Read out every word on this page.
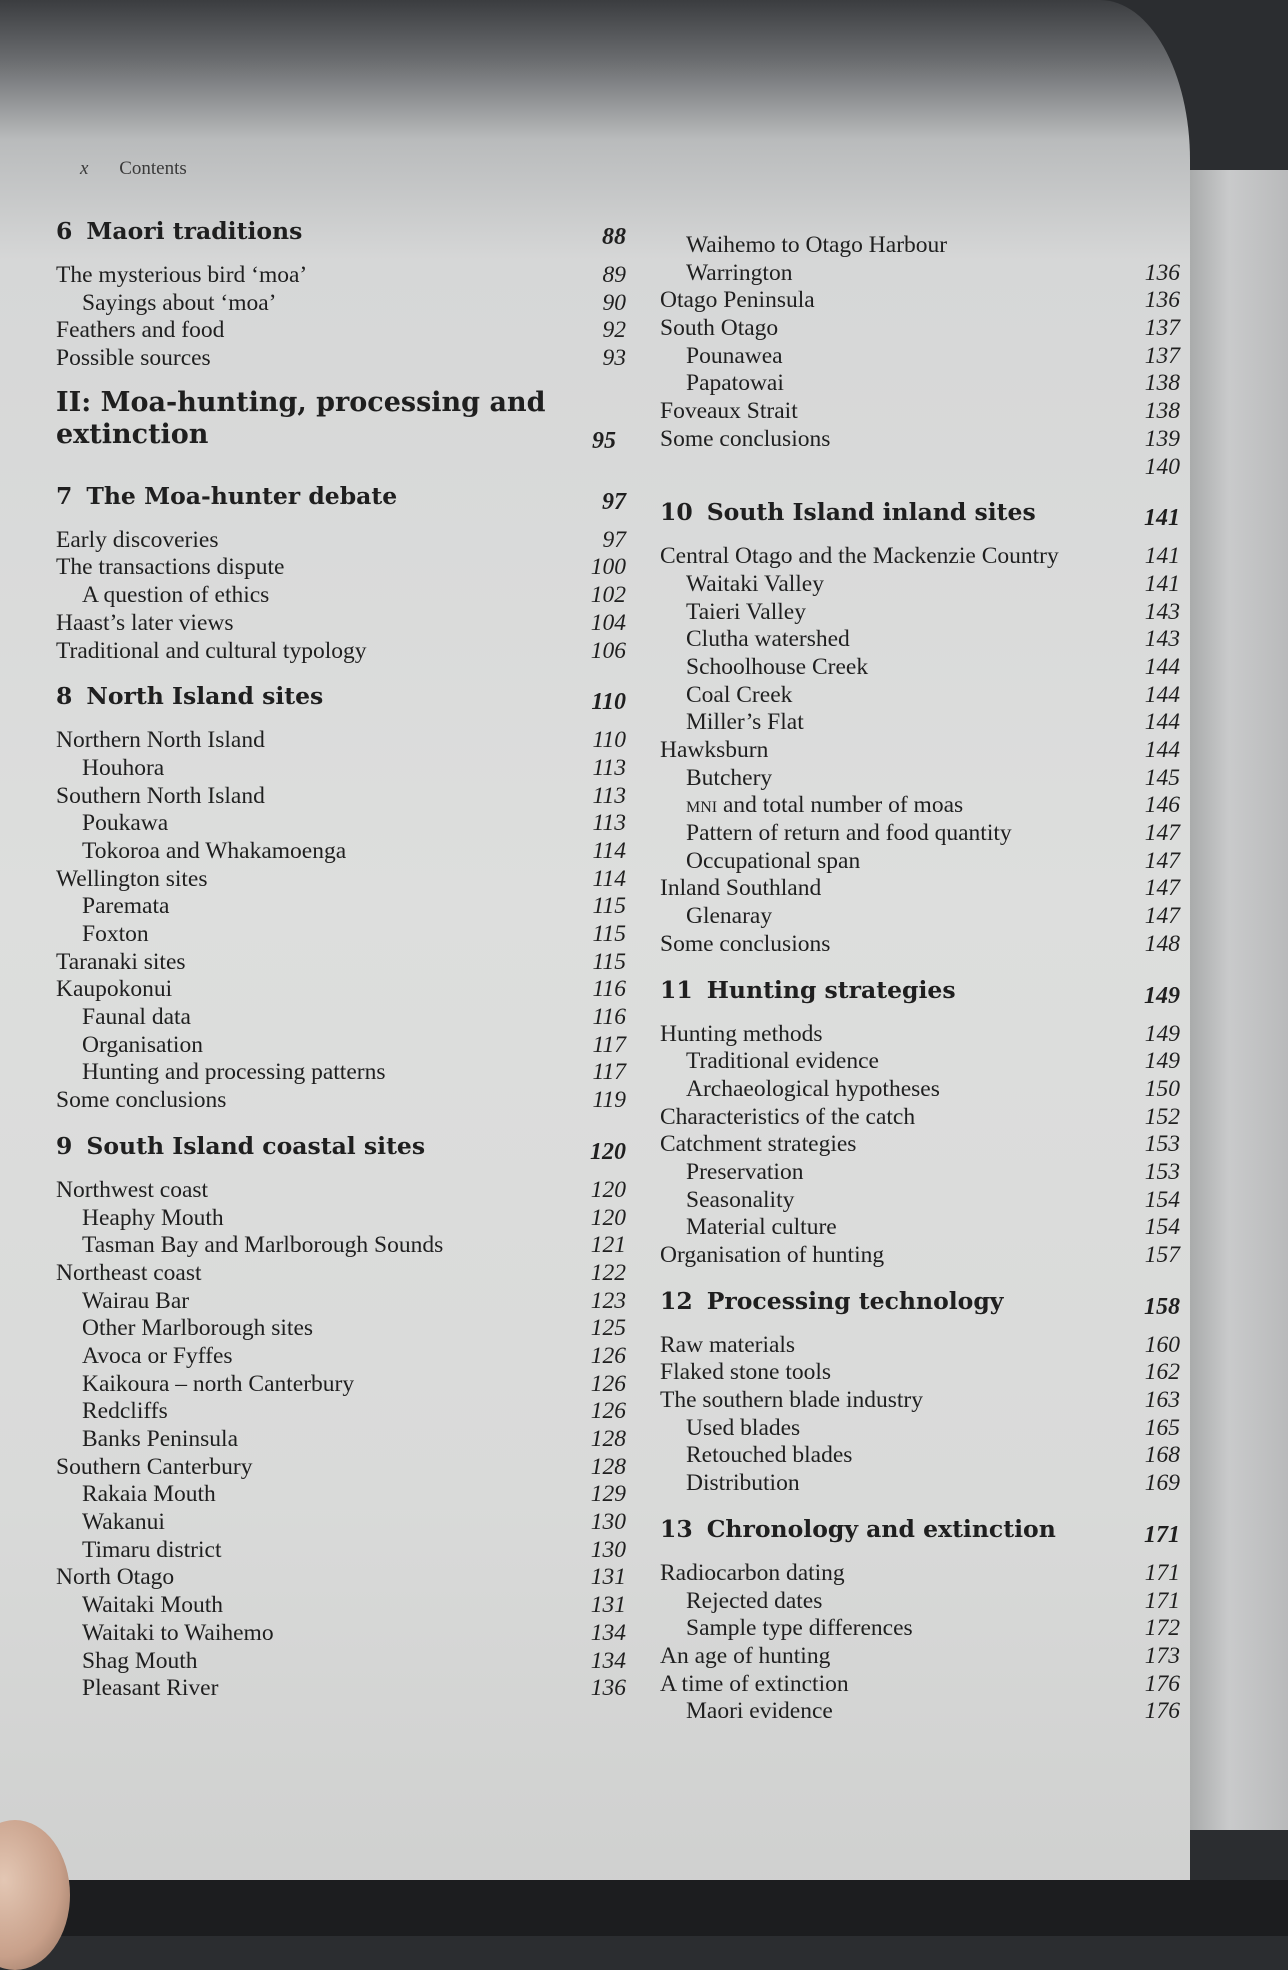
x Contents
6 Maori traditions	88
The mysterious bird ‘moa’	89
Sayings about ‘moa’	90
Feathers and food	92
Possible sources	93
II: Moa-hunting, processing and extinction	95
7 The Moa-hunter debate	97
Early discoveries	97
The transactions dispute	100
A question of ethics	102
Haast’s later views	104
Traditional and cultural typology	106
8 North Island sites	110
Northern North Island	110
Houhora	113
Southern North Island	113
Poukawa	113
Tokoroa and Whakamoenga	114
Wellington sites	114
Paremata	115
Foxton	115
Taranaki sites	115
Kaupokonui	116
Faunal data	116
Organisation	117
Hunting and processing patterns	117
Some conclusions	119
9 South Island coastal sites	120
Northwest coast	120
Heaphy Mouth	120
Tasman Bay and Marlborough Sounds	121
Northeast coast	122
Wairau Bar	123
Other Marlborough sites	125
Avoca or Fyffes	126
Kaikoura – north Canterbury	126
Redcliffs	126
Banks Peninsula	128
Southern Canterbury	128
Rakaia Mouth	129
Wakanui	130
Timaru district	130
North Otago	131
Waitaki Mouth	131
Waitaki to Waihemo	134
Shag Mouth	134
Pleasant River	136
Waihemo to Otago Harbour
Warrington	136
Otago Peninsula	136
South Otago	137
Pounawea	137
Papatowai	138
Foveaux Strait	138
Some conclusions	139
140
10 South Island inland sites	141
Central Otago and the Mackenzie Country	141
Waitaki Valley	141
Taieri Valley	143
Clutha watershed	143
Schoolhouse Creek	144
Coal Creek	144
Miller’s Flat	144
Hawksburn	144
Butchery	145
mni and total number of moas	146
Pattern of return and food quantity	147
Occupational span	147
Inland Southland	147
Glenaray	147
Some conclusions	148
11 Hunting strategies	149
Hunting methods	149
Traditional evidence	149
Archaeological hypotheses	150
Characteristics of the catch	152
Catchment strategies	153
Preservation	153
Seasonality	154
Material culture	154
Organisation of hunting	157
12 Processing technology	158
Raw materials	160
Flaked stone tools	162
The southern blade industry	163
Used blades	165
Retouched blades	168
Distribution	169
13 Chronology and extinction	171
Radiocarbon dating	171
Rejected dates	171
Sample type differences	172
An age of hunting	173
A time of extinction	176
Maori evidence	176
